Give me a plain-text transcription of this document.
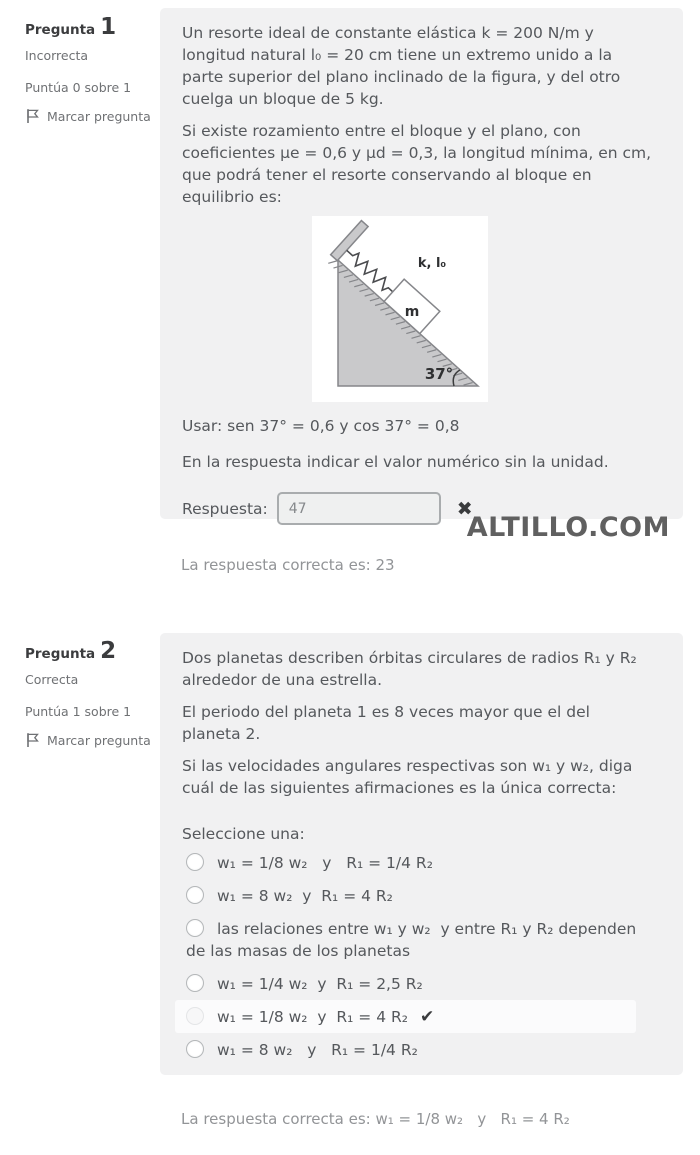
Pregunta 1
Incorrecta
Puntúa 0 sobre 1
Marcar pregunta

Un resorte ideal de constante elástica k = 200 N/m y longitud natural l₀ = 20 cm tiene un extremo unido a la parte superior del plano inclinado de la figura, y del otro cuelga un bloque de 5 kg.

Si existe rozamiento entre el bloque y el plano, con coeficientes μe = 0,6 y μd = 0,3, la longitud mínima, en cm, que podrá tener el resorte conservando al bloque en equilibrio es:

k, l₀
m
37°

Usar: sen 37° = 0,6 y cos 37° = 0,8

En la respuesta indicar el valor numérico sin la unidad.

Respuesta:
47	✖
ALTILLO.COM
La respuesta correcta es: 23
Pregunta 2
Correcta
Puntúa 1 sobre 1
Marcar pregunta

Dos planetas describen órbitas circulares de radios R₁ y R₂ alrededor de una estrella.

El periodo del planeta 1 es 8 veces mayor que el del planeta 2.

Si las velocidades angulares respectivas son w₁ y w₂, diga cuál de las siguientes afirmaciones es la única correcta:

Seleccione una:

w₁ = 1/8 w₂   y   R₁ = 1/4 R₂
w₁ = 8 w₂  y  R₁ = 4 R₂
las relaciones entre w₁ y w₂  y entre R₁ y R₂ dependen de las masas de los planetas
w₁ = 1/4 w₂  y  R₁ = 2,5 R₂
w₁ = 1/8 w₂  y  R₁ = 4 R₂ ✔
w₁ = 8 w₂   y   R₁ = 1/4 R₂
La respuesta correcta es: w₁ = 1/8 w₂   y   R₁ = 4 R₂
